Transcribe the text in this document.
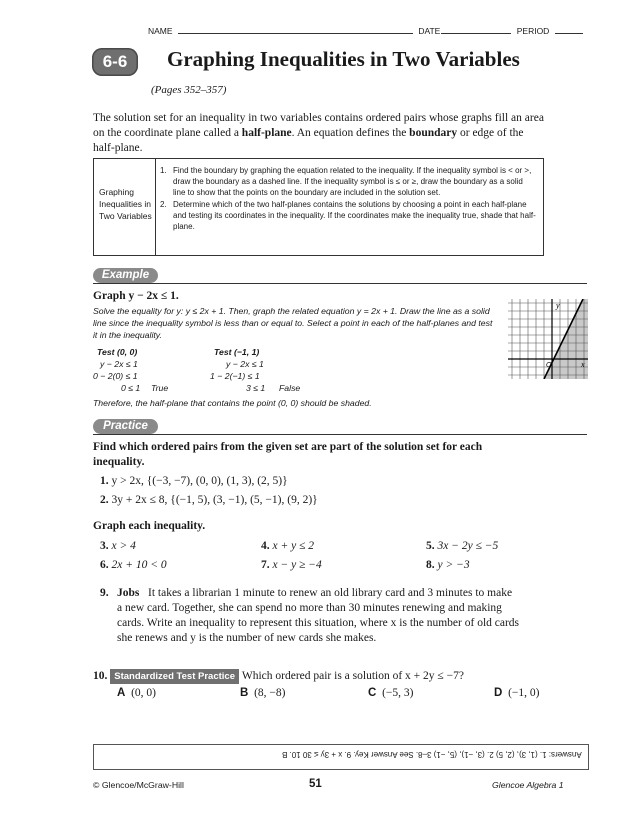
NAME	DATE	PERIOD
6-6	Graphing Inequalities in Two Variables
(Pages 352–357)
The solution set for an inequality in two variables contains ordered pairs whose graphs fill an area on the coordinate plane called a half-plane. An equation defines the boundary or edge of the half-plane.
Graphing Inequalities in Two Variables
1. Find the boundary by graphing the equation related to the inequality. If the inequality symbol is < or >, draw the boundary as a dashed line. If the inequality symbol is ≤ or ≥, draw the boundary as a solid line to show that the points on the boundary are included in the solution set.
2. Determine which of the two half-planes contains the solutions by choosing a point in each half-plane and testing its coordinates in the inequality. If the coordinates make the inequality true, shade that half-plane.
Example
Graph y − 2x ≤ 1.
Solve the equality for y: y ≤ 2x + 1. Then, graph the related equation y = 2x + 1. Draw the line as a solid line since the inequality symbol is less than or equal to. Select a point in each of the half-planes and test it in the inequality.
Test (0, 0)
y − 2x ≤ 1
0 − 2(0) ≤ 1
0 ≤ 1 True
Test (−1, 1)
y − 2x ≤ 1
1 − 2(−1) ≤ 1
3 ≤ 1 False
Therefore, the half-plane that contains the point (0, 0) should be shaded.
y
x
O
Practice
Find which ordered pairs from the given set are part of the solution set for each inequality.
1. y > 2x, {(−3, −7), (0, 0), (1, 3), (2, 5)}
2. 3y + 2x ≤ 8, {(−1, 5), (3, −1), (5, −1), (9, 2)}
Graph each inequality.
3. x > 4	4. x + y ≤ 2	5. 3x − 2y ≤ −5
6. 2x + 10 < 0	7. x − y ≥ −4	8. y > −3
9. Jobs It takes a librarian 1 minute to renew an old library card and 3 minutes to make a new card. Together, she can spend no more than 30 minutes renewing and making cards. Write an inequality to represent this situation, where x is the number of old cards she renews and y is the number of new cards she makes.
10. Standardized Test Practice Which ordered pair is a solution of x + 2y ≤ −7?
A (0, 0)	B (8, −8)	C (−5, 3)	D (−1, 0)
Answers: 1. (1, 3), (2, 5) 2. (3, −1), (5, −1) 3–8. See Answer Key. 9. x + 3y ≤ 30 10. B
© Glencoe/McGraw-Hill	51	Glencoe Algebra 1
